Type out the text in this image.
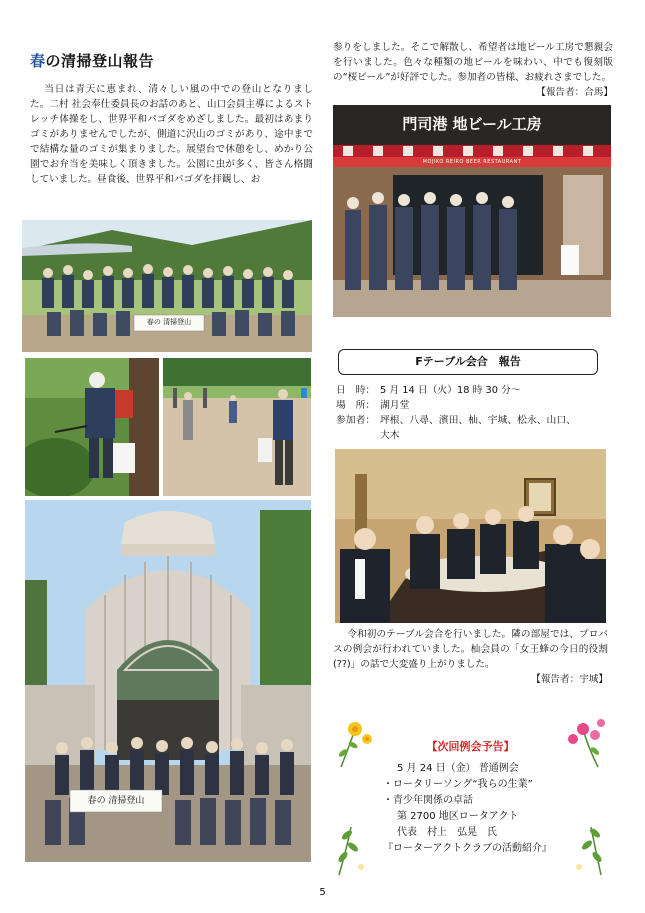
春の清掃登山報告
当日は青天に恵まれ、清々しい風の中での登山となりました。二村 社会奉仕委員長のお話のあと、山口会員主導によるストレッチ体操をし、世界平和パゴダをめざしました。最初はあまりゴミがありませんでしたが、側道に沢山のゴミがあり、途中までで結構な量のゴミが集まりました。展望台で休憩をし、めかり公園でお弁当を美味しく頂きました。公園に虫が多く、皆さん格闘していました。昼食後、世界平和パゴダを拝観し、お
春の 清掃登山
春の 清掃登山
参りをしました。そこで解散し、希望者は地ビール工房で懇親会を行いました。色々な種類の地ビールを味わい、中でも復刻版の“桜ビール”が好評でした。参加者の皆様、お疲れさまでした。
【報告者：合馬】
門司港 地ビール工房
MOJIKO REIRO BEER RESTAURANT
Fテーブル会合　報告
日　時： 5 月 14 日（火）18 時 30 分～
場　所： 湖月堂
参加者： 坪根、八尋、濱田、杣、宇城、松永、山口、
大木
令和初のテーブル会合を行いました。隣の部屋では、プロバスの例会が行われていました。杣会員の「女王蜂の今日的役割(??)」の話で大変盛り上がりました。
【報告者：宇城】
【次回例会予告】
5 月 24 日（金） 普通例会
・ロータリーソング“我らの生業”
・青少年関係の卓話
第 2700 地区ロータアクト
代表　村上　弘晃　氏
『ローターアクトクラブの活動紹介』
5
